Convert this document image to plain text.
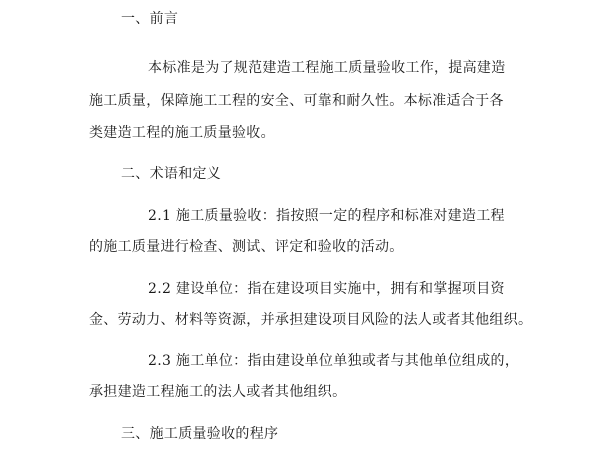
一、前言
本标准是为了规范建造工程施工质量验收工作，提高建造
施工质量，保障施工工程的安全、可靠和耐久性。本标准适合于各
类建造工程的施工质量验收。
二、术语和定义
2.1 施工质量验收：指按照一定的程序和标准对建造工程
的施工质量进行检查、测试、评定和验收的活动。
2.2 建设单位：指在建设项目实施中，拥有和掌握项目资
金、劳动力、材料等资源，并承担建设项目风险的法人或者其他组织。
2.3 施工单位：指由建设单位单独或者与其他单位组成的，
承担建造工程施工的法人或者其他组织。
三、施工质量验收的程序
